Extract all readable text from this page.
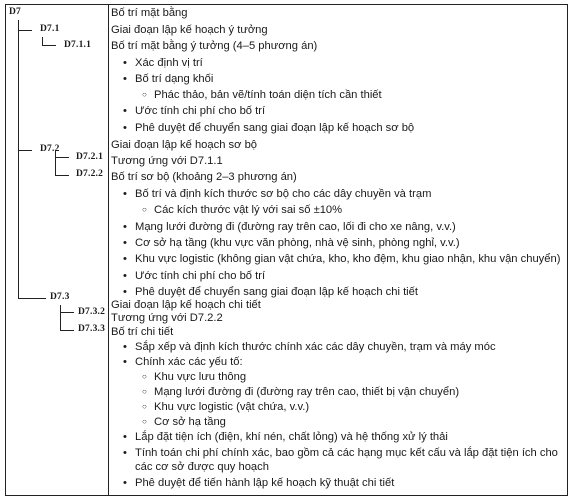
D7
D7.1
D7.1.1
D7.2
D7.2.1
D7.2.2
D7.3
D7.3.2
D7.3.3
Bố trí mặt bằng
Giai đoạn lập kế hoạch ý tưởng
Bố trí mặt bằng ý tưởng (4–5 phương án)
• Xác định vị trí
• Bố trí dạng khối
○ Phác thảo, bản vẽ/tính toán diện tích cần thiết
• Ước tính chi phí cho bố trí
• Phê duyệt để chuyển sang giai đoạn lập kế hoạch sơ bộ
Giai đoạn lập kế hoạch sơ bộ
Tương ứng với D7.1.1
Bố trí sơ bộ (khoảng 2–3 phương án)
• Bố trí và định kích thước sơ bộ cho các dây chuyền và trạm
○ Các kích thước vật lý với sai số ±10%
• Mạng lưới đường đi (đường ray trên cao, lối đi cho xe nâng, v.v.)
• Cơ sở hạ tầng (khu vực văn phòng, nhà vệ sinh, phòng nghỉ, v.v.)
• Khu vực logistic (không gian vật chứa, kho, kho đệm, khu giao nhận, khu vận chuyển)
• Ước tính chi phí cho bố trí
• Phê duyệt để chuyển sang giai đoạn lập kế hoạch chi tiết
Giai đoạn lập kế hoạch chi tiết
Tương ứng với D7.2.2
Bố trí chi tiết
• Sắp xếp và định kích thước chính xác các dây chuyền, trạm và máy móc
• Chính xác các yếu tố:
○ Khu vực lưu thông
○ Mạng lưới đường đi (đường ray trên cao, thiết bị vận chuyển)
○ Khu vực logistic (vật chứa, v.v.)
○ Cơ sở hạ tầng
• Lắp đặt tiện ích (điện, khí nén, chất lỏng) và hệ thống xử lý thải
• Tính toán chi phí chính xác, bao gồm cả các hạng mục kết cấu và lắp đặt tiện ích cho
các cơ sở được quy hoạch
• Phê duyệt để tiến hành lập kế hoạch kỹ thuật chi tiết
